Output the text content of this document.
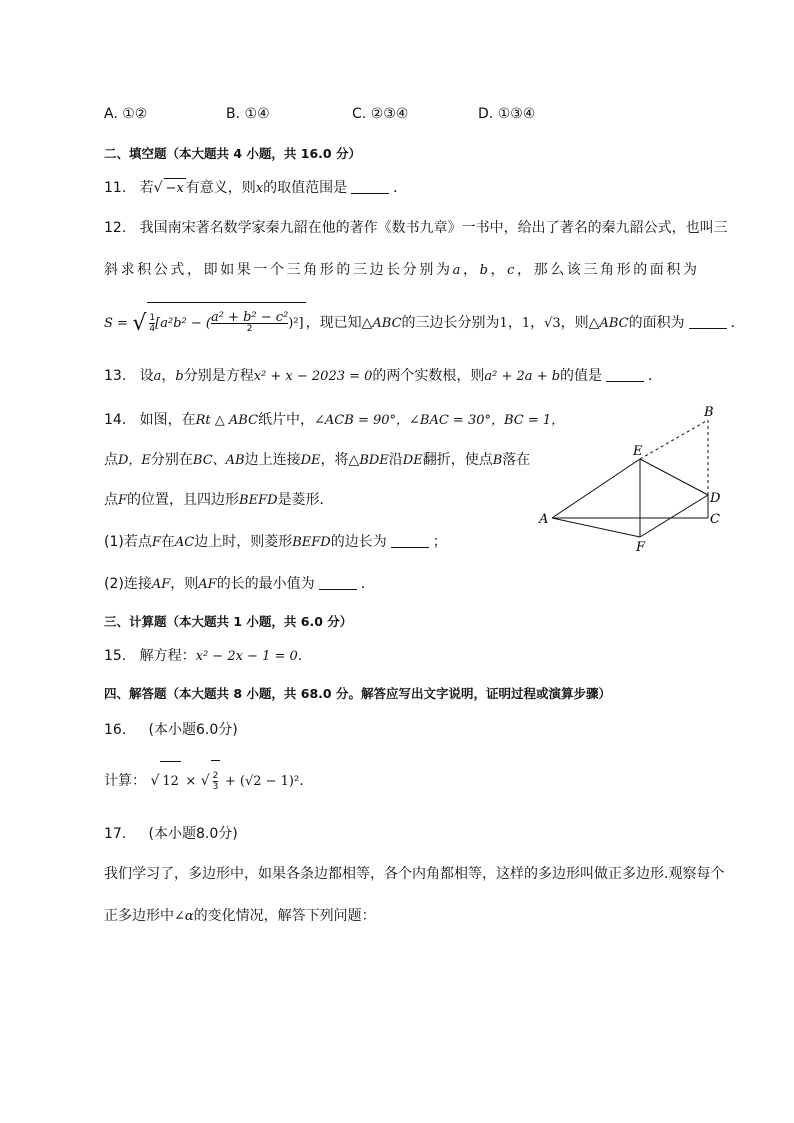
A. ①②	B. ①④	C. ②③④	D. ①③④
二、填空题（本大题共 4 小题，共 16.0 分）
11. 若√ −x 有意义，则x的取值范围是	．
12. 我国南宋著名数学家秦九韶在他的著作《数书九章》一书中，给出了著名的秦九韶公式，也叫三
斜求积公式，即如果一个三角形的三边长分别为a，b，c，那么该三角形的面积为
S = √ $\frac{1}{4} [a^2b^2$ − ( $\frac{\text{a² + b² − c²}}{2} )^2$] ，现已知△ABC的三边长分别为1，1，√3，则△ABC的面积为	．
13. 设a，b分别是方程x² + x − 2023 = 0的两个实数根，则a² + 2a + b的值是	．
14. 如图，在Rt △ ABC纸片中，∠ACB = 90°，∠BAC = 30°，BC = 1，
点D，E分别在BC、AB边上连接DE，将△BDE沿DE翻折，使点B落在
点F的位置，且四边形BEFD是菱形．
(1)若点F在AC边上时，则菱形BEFD的边长为	；
(2)连接AF，则AF的长的最小值为	．
A
B
C
D
E
F
三、计算题（本大题共 1 小题，共 6.0 分）
15. 解方程：x² − 2x − 1 = 0.
四、解答题（本大题共 8 小题，共 68.0 分。解答应写出文字说明，证明过程或演算步骤）
16. (本小题6.0分)
计算： √ 12 × √ $\frac{2}{3} + (√2 - 1)^2$.
17. (本小题8.0分)
我们学习了，多边形中，如果各条边都相等，各个内角都相等，这样的多边形叫做正多边形.观察每个
正多边形中∠α的变化情况，解答下列问题：
